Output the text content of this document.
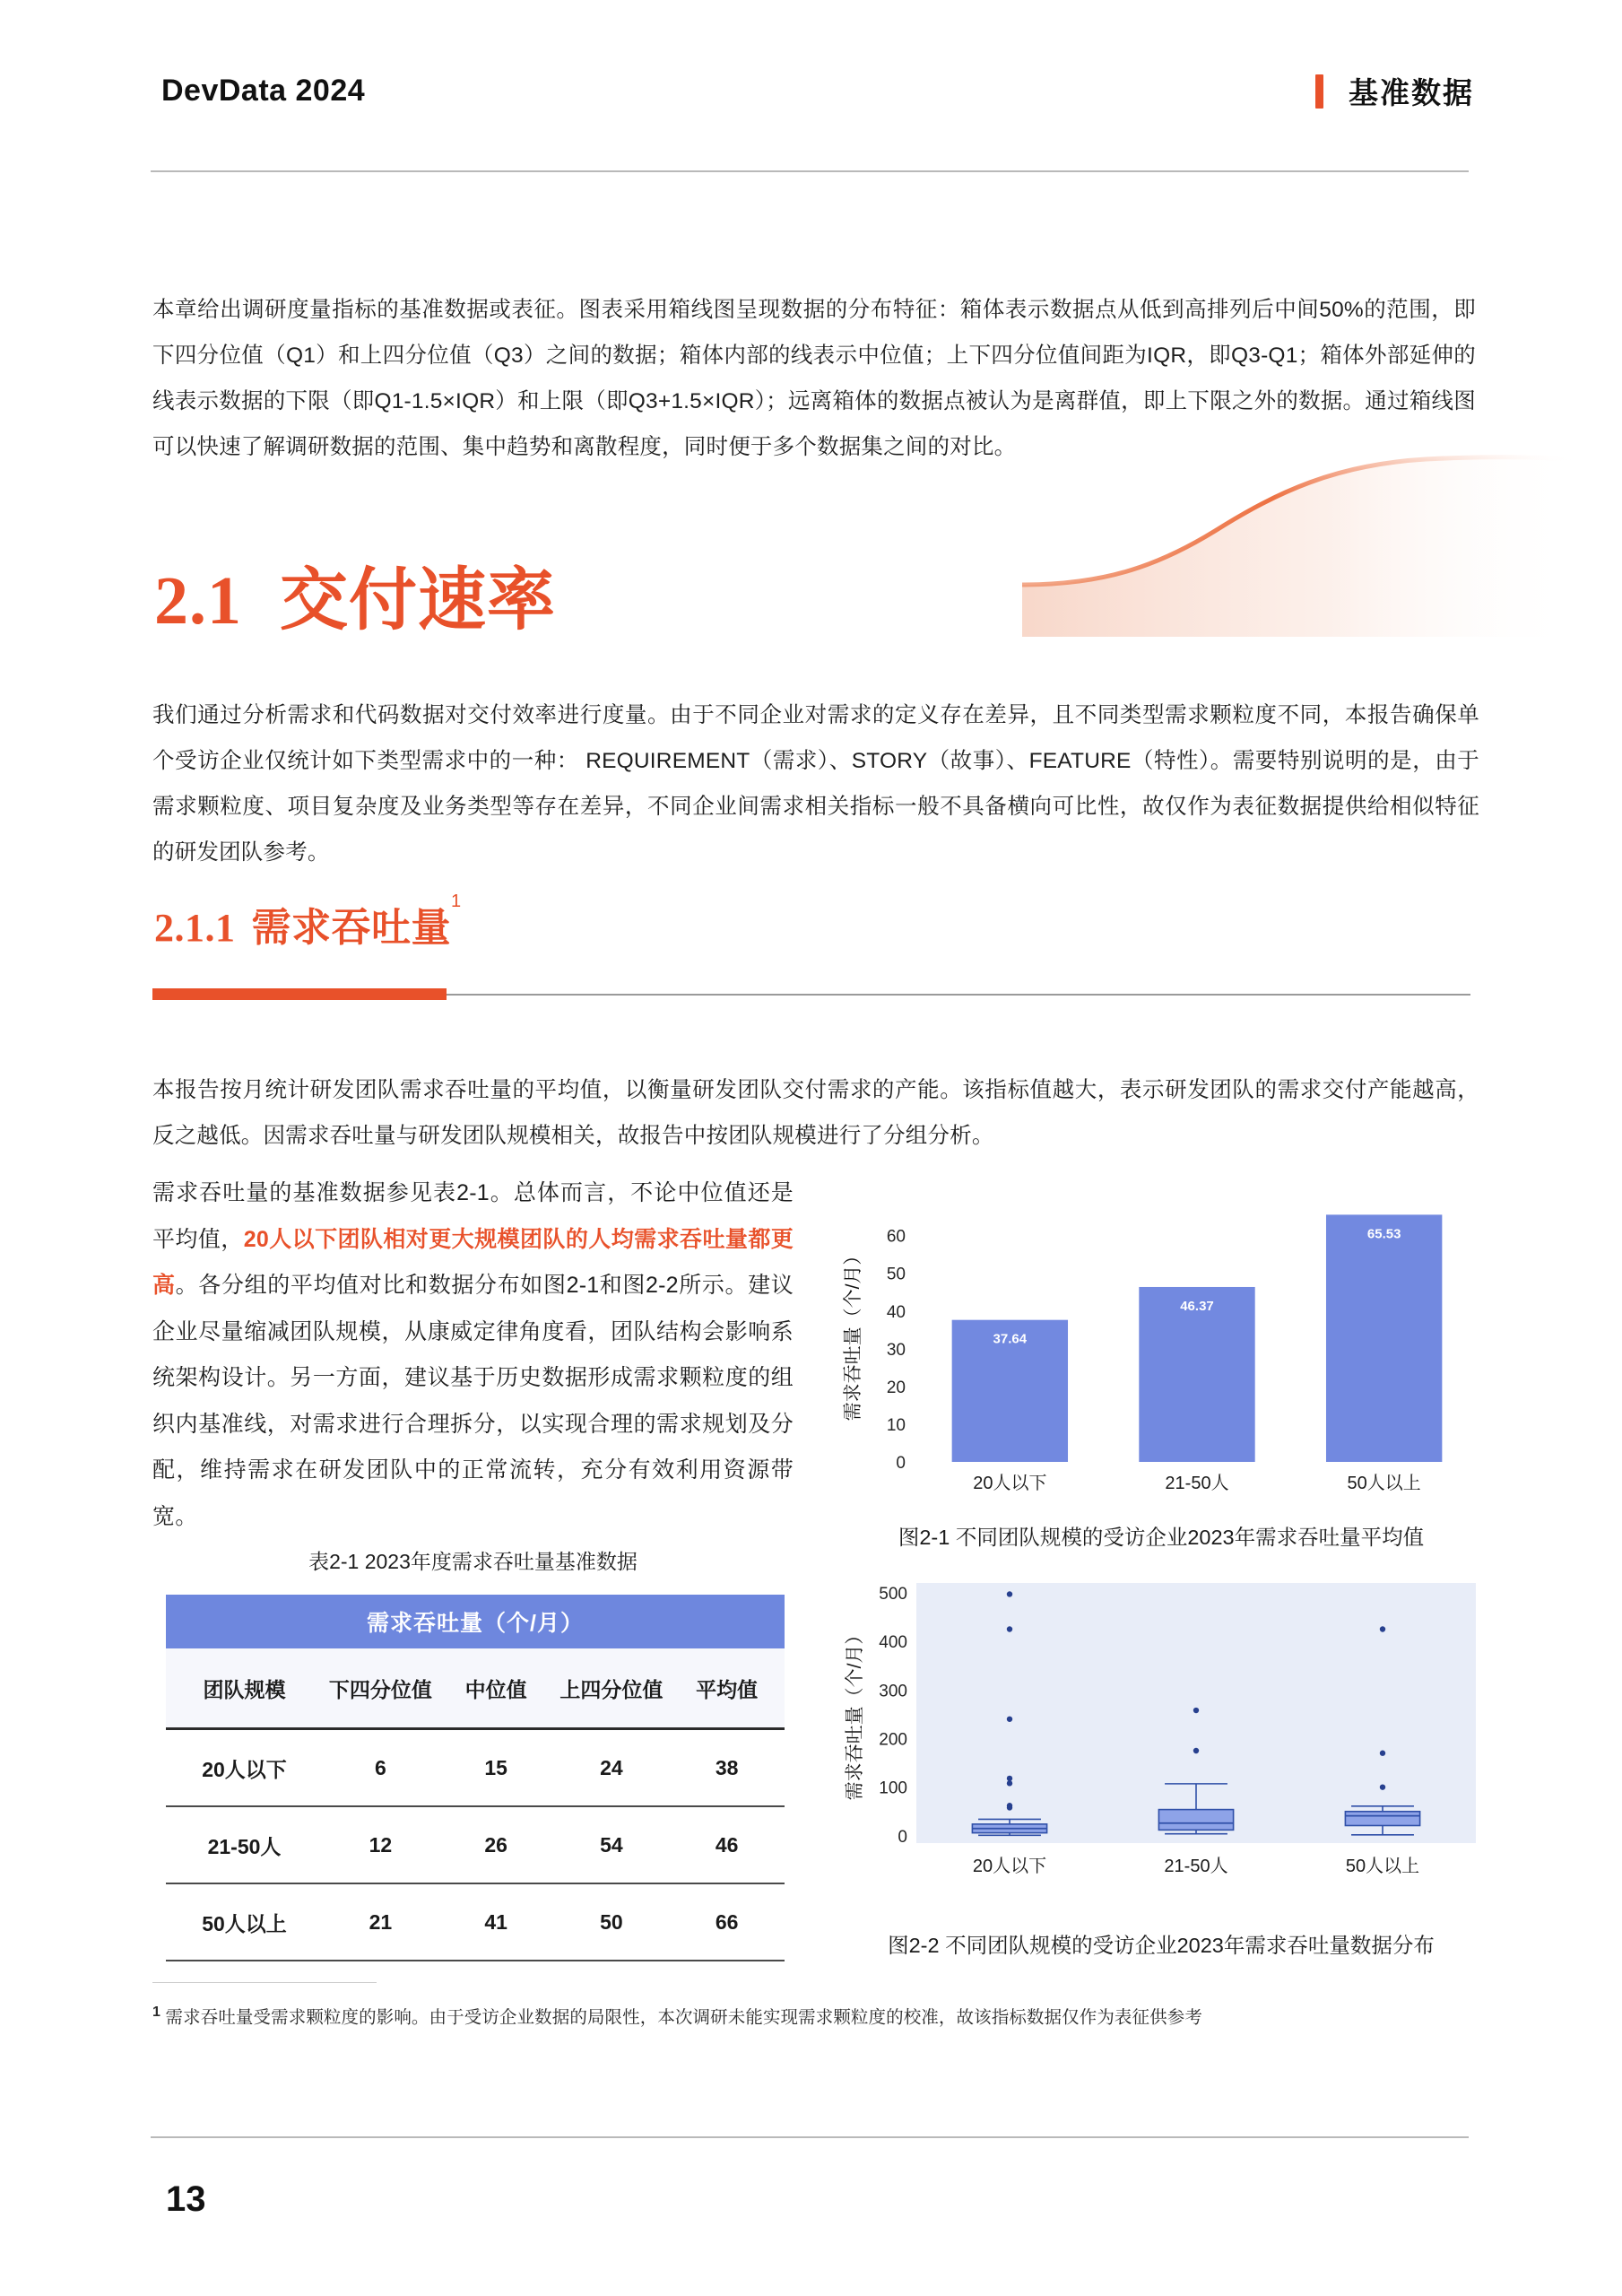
DevData 2024	基准数据
本章给出调研度量指标的基准数据或表征。图表采用箱线图呈现数据的分布特征：箱体表示数据点从低到高排列后中间50%的范围，即下四分位值（Q1）和上四分位值（Q3）之间的数据；箱体内部的线表示中位值；上下四分位值间距为IQR，即Q3-Q1；箱体外部延伸的线表示数据的下限（即Q1-1.5×IQR）和上限（即Q3+1.5×IQR）；远离箱体的数据点被认为是离群值，即上下限之外的数据。通过箱线图可以快速了解调研数据的范围、集中趋势和离散程度，同时便于多个数据集之间的对比。
2.1 交付速率
我们通过分析需求和代码数据对交付效率进行度量。由于不同企业对需求的定义存在差异，且不同类型需求颗粒度不同，本报告确保单个受访企业仅统计如下类型需求中的一种： REQUIREMENT（需求）、STORY（故事）、FEATURE（特性）。需要特别说明的是，由于需求颗粒度、项目复杂度及业务类型等存在差异，不同企业间需求相关指标一般不具备横向可比性，故仅作为表征数据提供给相似特征的研发团队参考。
2.1.1 需求吞吐量$^1$
本报告按月统计研发团队需求吞吐量的平均值，以衡量研发团队交付需求的产能。该指标值越大，表示研发团队的需求交付产能越高，反之越低。因需求吞吐量与研发团队规模相关，故报告中按团队规模进行了分组分析。
需求吞吐量的基准数据参见表2-1。总体而言，不论中位值还是平均值，20人以下团队相对更大规模团队的人均需求吞吐量都更高。各分组的平均值对比和数据分布如图2-1和图2-2所示。建议企业尽量缩减团队规模，从康威定律角度看，团队结构会影响系统架构设计。另一方面，建议基于历史数据形成需求颗粒度的组织内基准线，对需求进行合理拆分，以实现合理的需求规划及分配，维持需求在研发团队中的正常流转，充分有效利用资源带宽。
表2-1 2023年度需求吞吐量基准数据
需求吞吐量（个/月）
团队规模	下四分位值	中位值	上四分位值	平均值
20人以下	6	15	24	38
21-50人	12	26	54	46
50人以上	21	41	50	66
0
10
20
30
40
50
60
37.64
20人以下
46.37
21-50人
65.53
50人以上
需求吞吐量（个/月）
图2-1 不同团队规模的受访企业2023年需求吞吐量平均值
0
100
200
300
400
500
20人以下	21-50人	50人以上
需求吞吐量（个/月）
图2-2 不同团队规模的受访企业2023年需求吞吐量数据分布
$^1$ 需求吞吐量受需求颗粒度的影响。由于受访企业数据的局限性，本次调研未能实现需求颗粒度的校准，故该指标数据仅作为表征供参考
13
